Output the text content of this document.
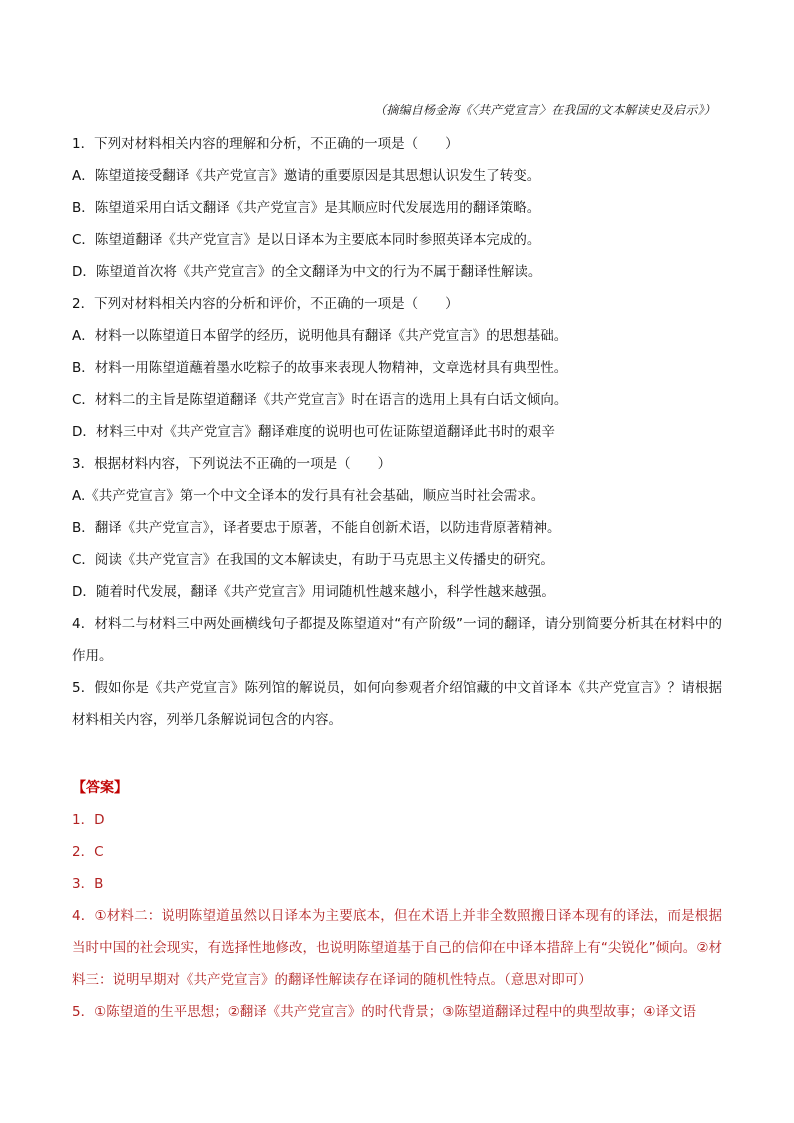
（摘编自杨金海《〈共产党宣言〉在我国的文本解读史及启示》）
1．下列对材料相关内容的理解和分析，不正确的一项是（　　）
A．陈望道接受翻译《共产党宣言》邀请的重要原因是其思想认识发生了转变。
B．陈望道采用白话文翻译《共产党宣言》是其顺应时代发展选用的翻译策略。
C．陈望道翻译《共产党宣言》是以日译本为主要底本同时参照英译本完成的。
D．陈望道首次将《共产党宣言》的全文翻译为中文的行为不属于翻译性解读。
2．下列对材料相关内容的分析和评价，不正确的一项是（　　）
A．材料一以陈望道日本留学的经历，说明他具有翻译《共产党宣言》的思想基础。
B．材料一用陈望道蘸着墨水吃粽子的故事来表现人物精神，文章选材具有典型性。
C．材料二的主旨是陈望道翻译《共产党宣言》时在语言的选用上具有白话文倾向。
D．材料三中对《共产党宣言》翻译难度的说明也可佐证陈望道翻译此书时的艰辛
3．根据材料内容，下列说法不正确的一项是（　　）
A.《共产党宣言》第一个中文全译本的发行具有社会基础，顺应当时社会需求。
B．翻译《共产党宣言》，译者要忠于原著，不能自创新术语，以防违背原著精神。
C．阅读《共产党宣言》在我国的文本解读史，有助于马克思主义传播史的研究。
D．随着时代发展，翻译《共产党宣言》用词随机性越来越小，科学性越来越强。
4．材料二与材料三中两处画横线句子都提及陈望道对“有产阶级”一词的翻译，请分别简要分析其在材料中的作用。
5．假如你是《共产党宣言》陈列馆的解说员，如何向参观者介绍馆藏的中文首译本《共产党宣言》？请根据材料相关内容，列举几条解说词包含的内容。
【答案】
1．D
2．C
3．B
4．①材料二：说明陈望道虽然以日译本为主要底本，但在术语上并非全数照搬日译本现有的译法，而是根据当时中国的社会现实，有选择性地修改，也说明陈望道基于自己的信仰在中译本措辞上有“尖锐化”倾向。②材料三：说明早期对《共产党宣言》的翻译性解读存在译词的随机性特点。（意思对即可）
5．①陈望道的生平思想；②翻译《共产党宣言》的时代背景；③陈望道翻译过程中的典型故事；④译文语
